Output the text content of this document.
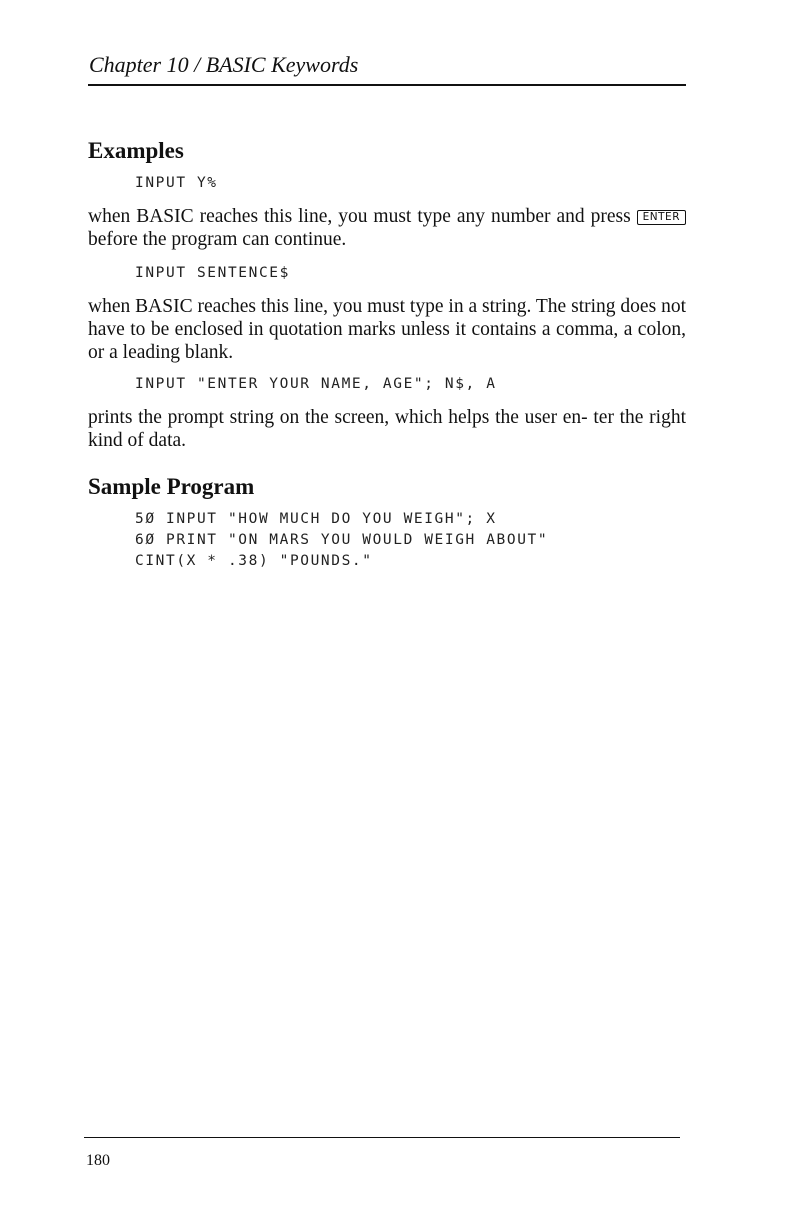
Chapter 10 / BASIC Keywords
Examples
INPUT Y%

when BASIC reaches this line, you must type any number and press ENTER before the program can continue.

INPUT SENTENCE$

when BASIC reaches this line, you must type in a string. The string does not have to be enclosed in quotation marks unless it contains a comma, a colon, or a leading blank.

INPUT "ENTER YOUR NAME, AGE"; N$, A

prints the prompt string on the screen, which helps the user en- ter the right kind of data.

Sample Program
5Ø INPUT "HOW MUCH DO YOU WEIGH"; X
6Ø PRINT "ON MARS YOU WOULD WEIGH ABOUT"
CINT(X * .38) "POUNDS."
180
